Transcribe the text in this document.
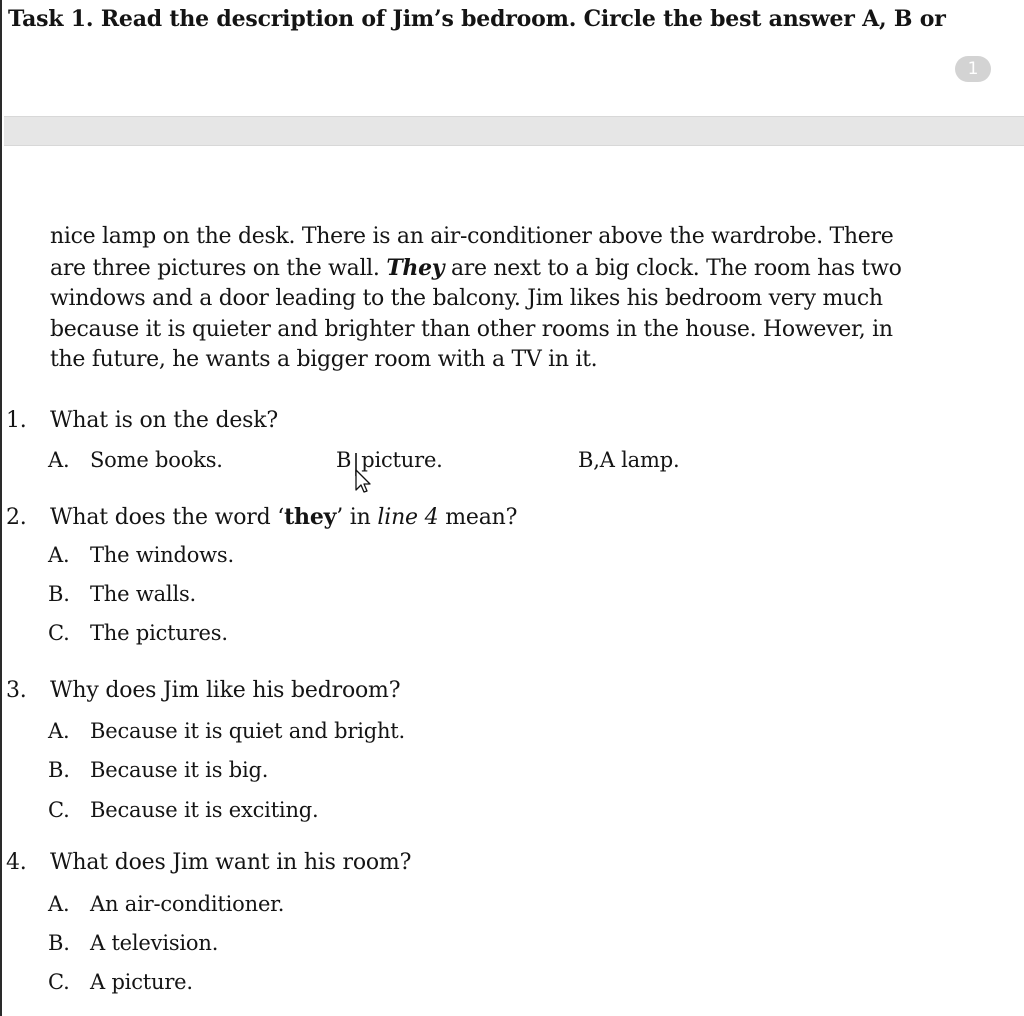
Task 1. Read the description of Jim’s bedroom. Circle the best answer A, B or
1
nice lamp on the desk. There is an air-conditioner above the wardrobe. There
are three pictures on the wall. They are next to a big clock. The room has two
windows and a door leading to the balcony. Jim likes his bedroom very much
because it is quieter and brighter than other rooms in the house. However, in
the future, he wants a bigger room with a TV in it.
1. What is on the desk?
A. Some books.	B picture.	B,A lamp.
2. What does the word ‘they’ in line 4 mean?
A. The windows.
B. The walls.
C. The pictures.
3. Why does Jim like his bedroom?
A. Because it is quiet and bright.
B. Because it is big.
C. Because it is exciting.
4. What does Jim want in his room?
A. An air-conditioner.
B. A television.
C. A picture.
